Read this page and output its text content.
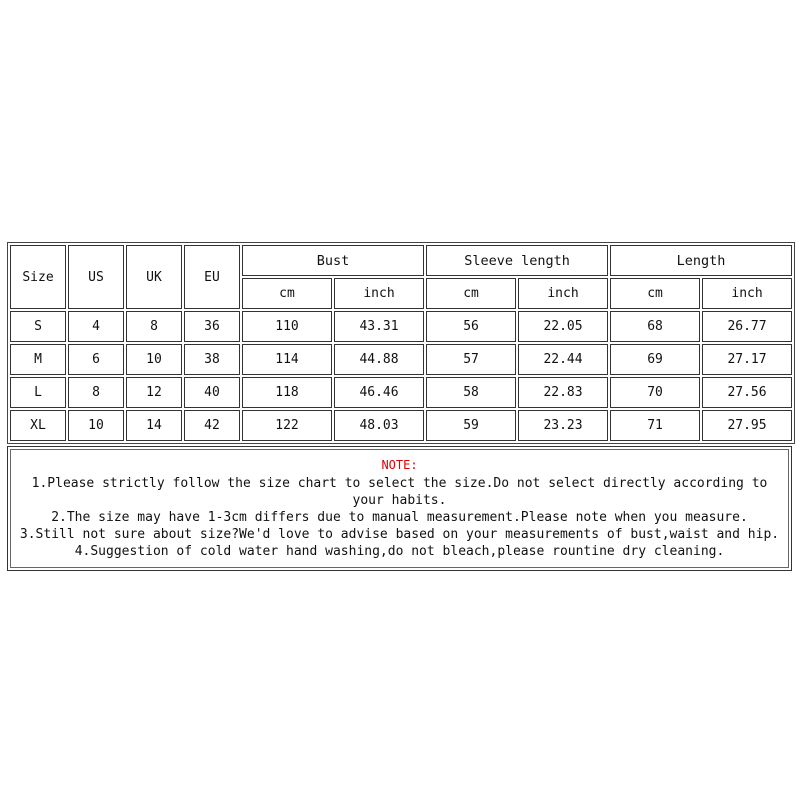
Size	US	UK	EU	Bust		Sleeve length		Length	
				cm	inch	cm	inch	cm	inch
S	4	8	36	110	43.31	56	22.05	68	26.77
M	6	10	38	114	44.88	57	22.44	69	27.17
L	8	12	40	118	46.46	58	22.83	70	27.56
XL	10	14	42	122	48.03	59	23.23	71	27.95
NOTE:
1.Please strictly follow the size chart to select the size.Do not select directly according to your habits.
2.The size may have 1-3cm differs due to manual measurement.Please note when you measure.
3.Still not sure about size?We'd love to advise based on your measurements of bust,waist and hip.
4.Suggestion of cold water hand washing,do not bleach,please rountine dry cleaning.
